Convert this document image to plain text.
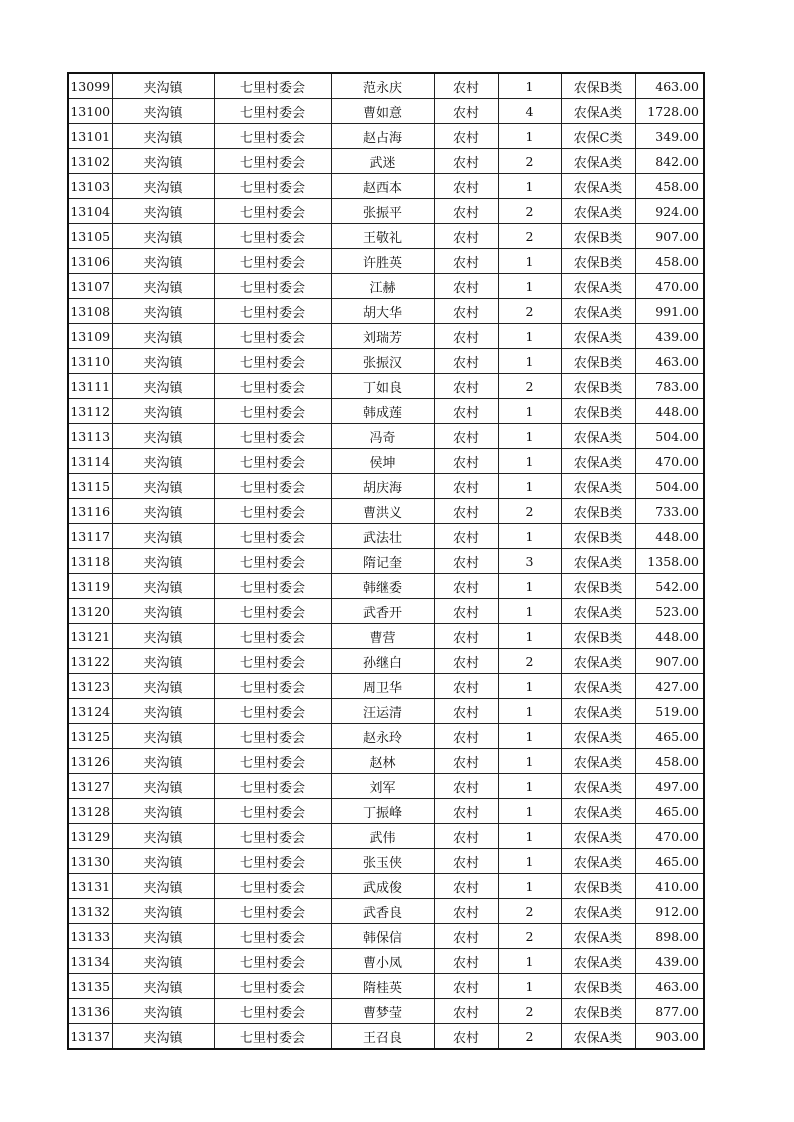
13099	夹沟镇	七里村委会	范永庆	农村	1	农保B类	463.00
13100	夹沟镇	七里村委会	曹如意	农村	4	农保A类	1728.00
13101	夹沟镇	七里村委会	赵占海	农村	1	农保C类	349.00
13102	夹沟镇	七里村委会	武迷	农村	2	农保A类	842.00
13103	夹沟镇	七里村委会	赵西本	农村	1	农保A类	458.00
13104	夹沟镇	七里村委会	张振平	农村	2	农保A类	924.00
13105	夹沟镇	七里村委会	王敬礼	农村	2	农保B类	907.00
13106	夹沟镇	七里村委会	许胜英	农村	1	农保B类	458.00
13107	夹沟镇	七里村委会	江赫	农村	1	农保A类	470.00
13108	夹沟镇	七里村委会	胡大华	农村	2	农保A类	991.00
13109	夹沟镇	七里村委会	刘瑞芳	农村	1	农保A类	439.00
13110	夹沟镇	七里村委会	张振汉	农村	1	农保B类	463.00
13111	夹沟镇	七里村委会	丁如良	农村	2	农保B类	783.00
13112	夹沟镇	七里村委会	韩成莲	农村	1	农保B类	448.00
13113	夹沟镇	七里村委会	冯奇	农村	1	农保A类	504.00
13114	夹沟镇	七里村委会	侯坤	农村	1	农保A类	470.00
13115	夹沟镇	七里村委会	胡庆海	农村	1	农保A类	504.00
13116	夹沟镇	七里村委会	曹洪义	农村	2	农保B类	733.00
13117	夹沟镇	七里村委会	武法壮	农村	1	农保B类	448.00
13118	夹沟镇	七里村委会	隋记奎	农村	3	农保A类	1358.00
13119	夹沟镇	七里村委会	韩继委	农村	1	农保B类	542.00
13120	夹沟镇	七里村委会	武香开	农村	1	农保A类	523.00
13121	夹沟镇	七里村委会	曹营	农村	1	农保B类	448.00
13122	夹沟镇	七里村委会	孙继白	农村	2	农保A类	907.00
13123	夹沟镇	七里村委会	周卫华	农村	1	农保A类	427.00
13124	夹沟镇	七里村委会	汪运清	农村	1	农保A类	519.00
13125	夹沟镇	七里村委会	赵永玲	农村	1	农保A类	465.00
13126	夹沟镇	七里村委会	赵林	农村	1	农保A类	458.00
13127	夹沟镇	七里村委会	刘军	农村	1	农保A类	497.00
13128	夹沟镇	七里村委会	丁振峰	农村	1	农保A类	465.00
13129	夹沟镇	七里村委会	武伟	农村	1	农保A类	470.00
13130	夹沟镇	七里村委会	张玉侠	农村	1	农保A类	465.00
13131	夹沟镇	七里村委会	武成俊	农村	1	农保B类	410.00
13132	夹沟镇	七里村委会	武香良	农村	2	农保A类	912.00
13133	夹沟镇	七里村委会	韩保信	农村	2	农保A类	898.00
13134	夹沟镇	七里村委会	曹小凤	农村	1	农保A类	439.00
13135	夹沟镇	七里村委会	隋桂英	农村	1	农保B类	463.00
13136	夹沟镇	七里村委会	曹梦莹	农村	2	农保B类	877.00
13137	夹沟镇	七里村委会	王召良	农村	2	农保A类	903.00
